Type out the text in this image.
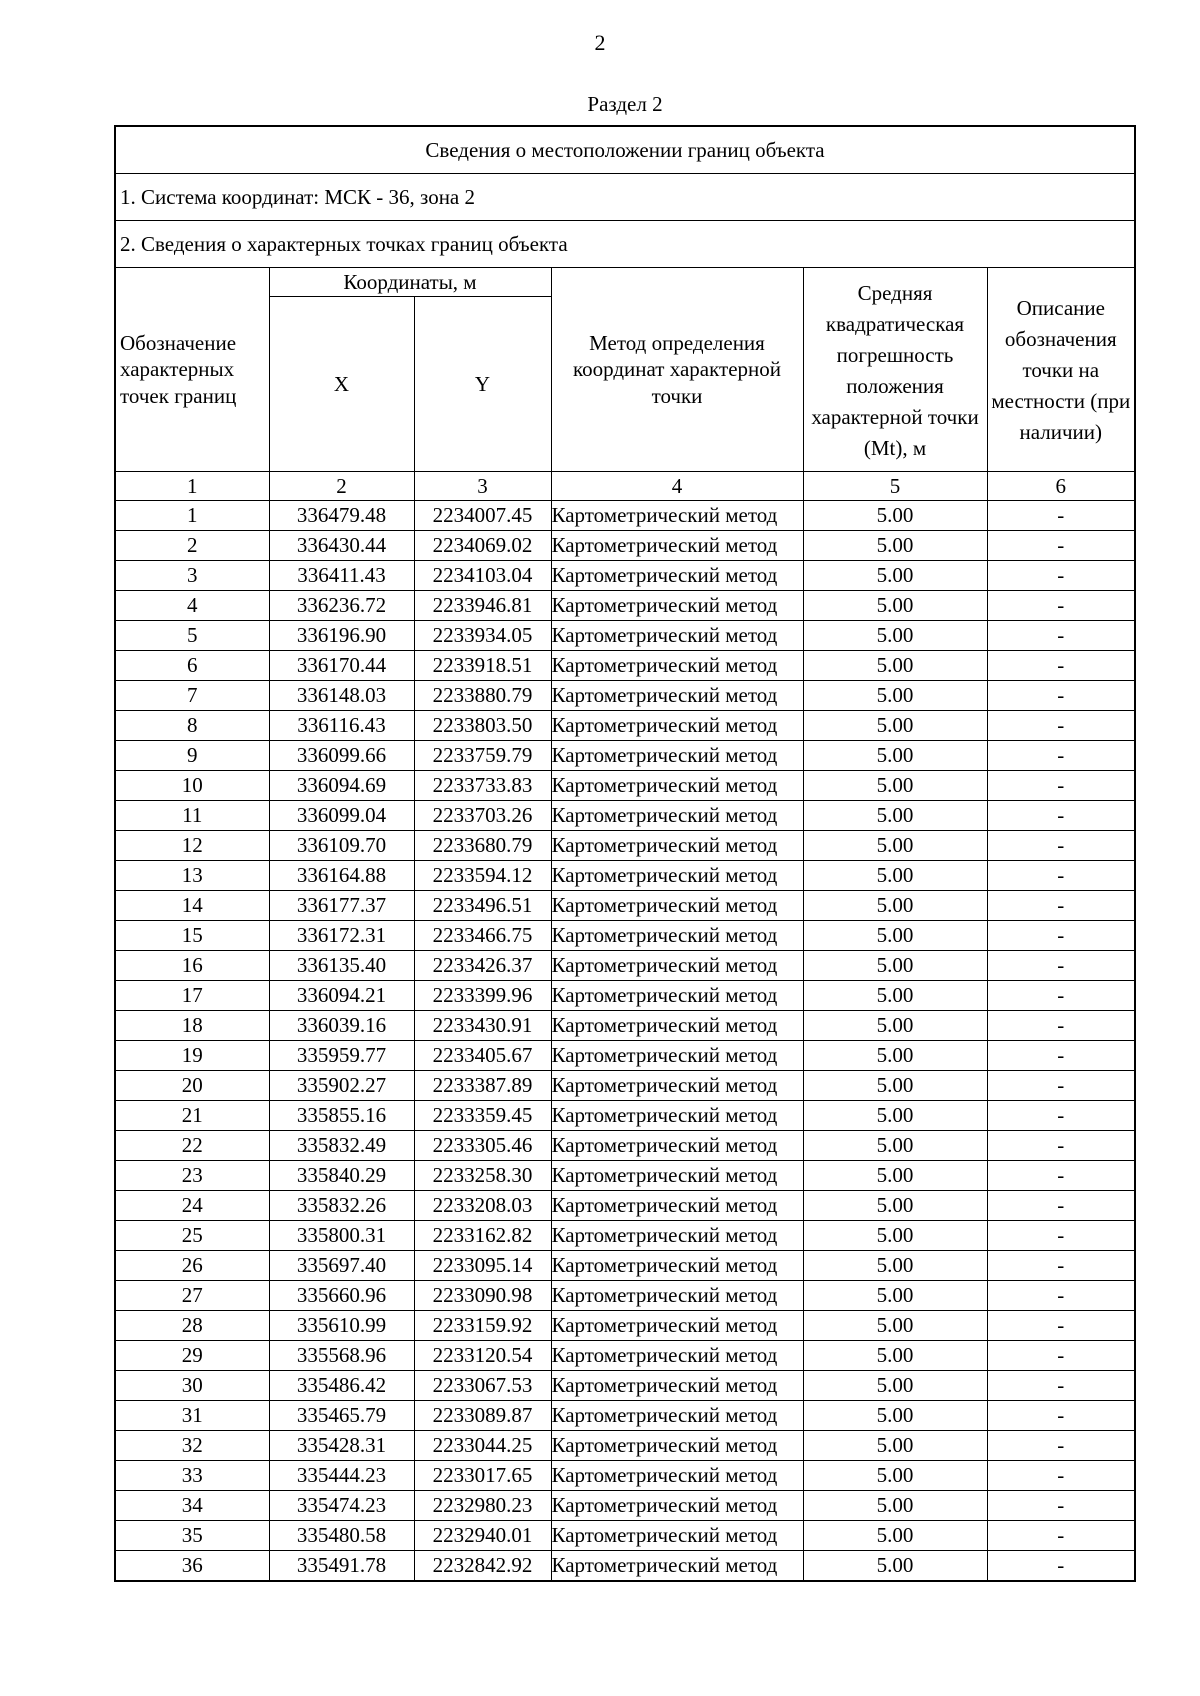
2
Раздел 2
Сведения о местоположении границ объекта					
1. Система координат: МСК - 36, зона 2					
2. Сведения о характерных точках границ объекта					
Обозначение характерных точек границ	Координаты, м		Метод определения координат характерной точки	Средняя квадратическая погрешность положения характерной точки (Mt), м	Описание обозначения точки на местности (при наличии)
	X	Y			
1	2	3	4	5	6
1	336479.48	2234007.45	Картометрический метод	5.00	-
2	336430.44	2234069.02	Картометрический метод	5.00	-
3	336411.43	2234103.04	Картометрический метод	5.00	-
4	336236.72	2233946.81	Картометрический метод	5.00	-
5	336196.90	2233934.05	Картометрический метод	5.00	-
6	336170.44	2233918.51	Картометрический метод	5.00	-
7	336148.03	2233880.79	Картометрический метод	5.00	-
8	336116.43	2233803.50	Картометрический метод	5.00	-
9	336099.66	2233759.79	Картометрический метод	5.00	-
10	336094.69	2233733.83	Картометрический метод	5.00	-
11	336099.04	2233703.26	Картометрический метод	5.00	-
12	336109.70	2233680.79	Картометрический метод	5.00	-
13	336164.88	2233594.12	Картометрический метод	5.00	-
14	336177.37	2233496.51	Картометрический метод	5.00	-
15	336172.31	2233466.75	Картометрический метод	5.00	-
16	336135.40	2233426.37	Картометрический метод	5.00	-
17	336094.21	2233399.96	Картометрический метод	5.00	-
18	336039.16	2233430.91	Картометрический метод	5.00	-
19	335959.77	2233405.67	Картометрический метод	5.00	-
20	335902.27	2233387.89	Картометрический метод	5.00	-
21	335855.16	2233359.45	Картометрический метод	5.00	-
22	335832.49	2233305.46	Картометрический метод	5.00	-
23	335840.29	2233258.30	Картометрический метод	5.00	-
24	335832.26	2233208.03	Картометрический метод	5.00	-
25	335800.31	2233162.82	Картометрический метод	5.00	-
26	335697.40	2233095.14	Картометрический метод	5.00	-
27	335660.96	2233090.98	Картометрический метод	5.00	-
28	335610.99	2233159.92	Картометрический метод	5.00	-
29	335568.96	2233120.54	Картометрический метод	5.00	-
30	335486.42	2233067.53	Картометрический метод	5.00	-
31	335465.79	2233089.87	Картометрический метод	5.00	-
32	335428.31	2233044.25	Картометрический метод	5.00	-
33	335444.23	2233017.65	Картометрический метод	5.00	-
34	335474.23	2232980.23	Картометрический метод	5.00	-
35	335480.58	2232940.01	Картометрический метод	5.00	-
36	335491.78	2232842.92	Картометрический метод	5.00	-
